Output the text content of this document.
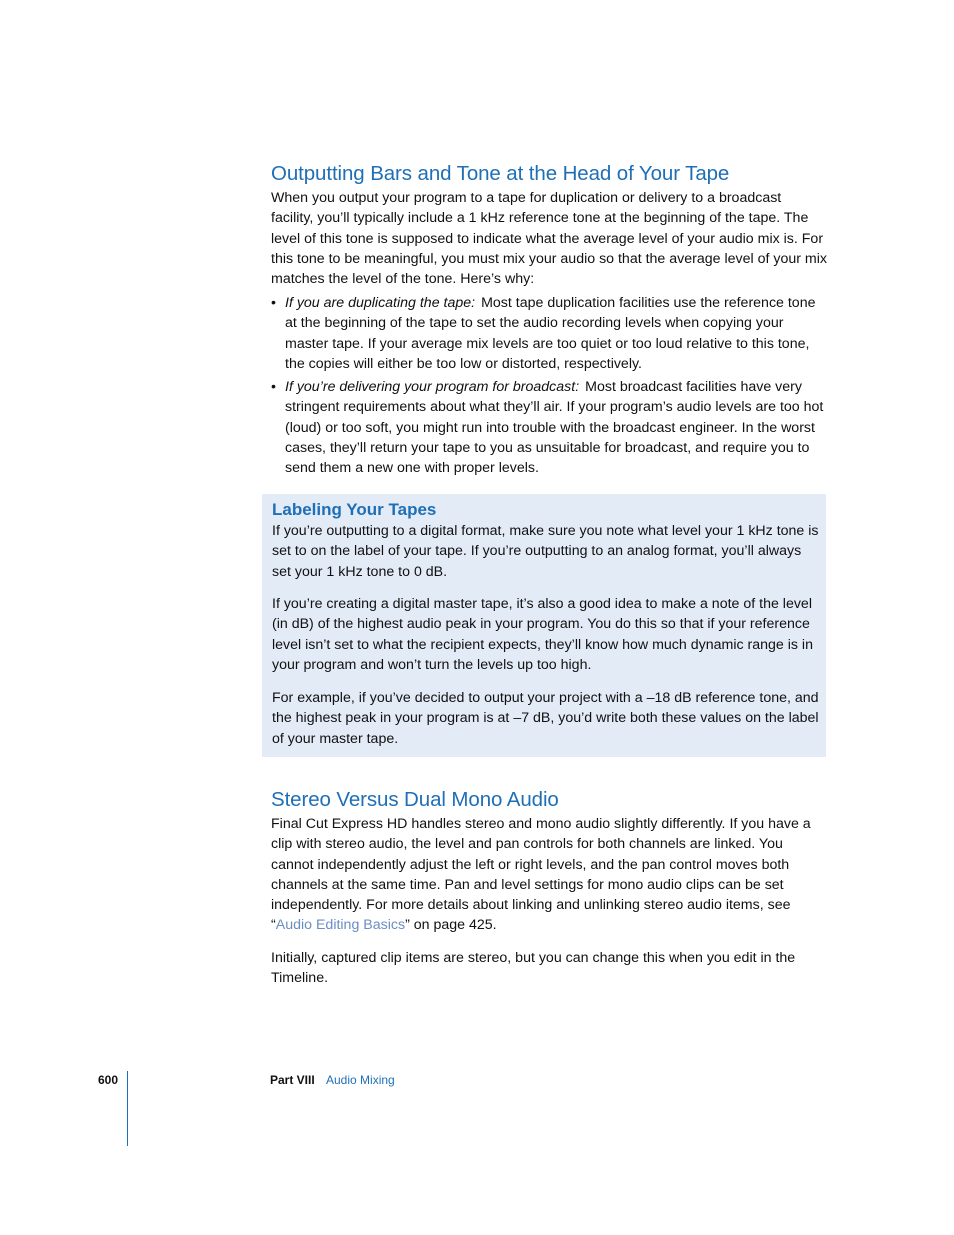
Outputting Bars and Tone at the Head of Your Tape

When you output your program to a tape for duplication or delivery to a broadcast facility, you’ll typically include a 1 kHz reference tone at the beginning of the tape. The level of this tone is supposed to indicate what the average level of your audio mix is. For this tone to be meaningful, you must mix your audio so that the average level of your mix matches the level of the tone. Here’s why:

• If you are duplicating the tape: Most tape duplication facilities use the reference tone at the beginning of the tape to set the audio recording levels when copying your master tape. If your average mix levels are too quiet or too loud relative to this tone, the copies will either be too low or distorted, respectively.

• If you’re delivering your program for broadcast: Most broadcast facilities have very stringent requirements about what they’ll air. If your program’s audio levels are too hot (loud) or too soft, you might run into trouble with the broadcast engineer. In the worst cases, they’ll return your tape to you as unsuitable for broadcast, and require you to send them a new one with proper levels.

Labeling Your Tapes

If you’re outputting to a digital format, make sure you note what level your 1 kHz tone is set to on the label of your tape. If you’re outputting to an analog format, you’ll always set your 1 kHz tone to 0 dB.

If you’re creating a digital master tape, it’s also a good idea to make a note of the level (in dB) of the highest audio peak in your program. You do this so that if your reference level isn’t set to what the recipient expects, they’ll know how much dynamic range is in your program and won’t turn the levels up too high.

For example, if you’ve decided to output your project with a –18 dB reference tone, and the highest peak in your program is at –7 dB, you’d write both these values on the label of your master tape.

Stereo Versus Dual Mono Audio

Final Cut Express HD handles stereo and mono audio slightly differently. If you have a clip with stereo audio, the level and pan controls for both channels are linked. You cannot independently adjust the left or right levels, and the pan control moves both channels at the same time. Pan and level settings for mono audio clips can be set independently. For more details about linking and unlinking stereo audio items, see “Audio Editing Basics” on page 425.

Initially, captured clip items are stereo, but you can change this when you edit in the Timeline.

600	Part VIII Audio Mixing
